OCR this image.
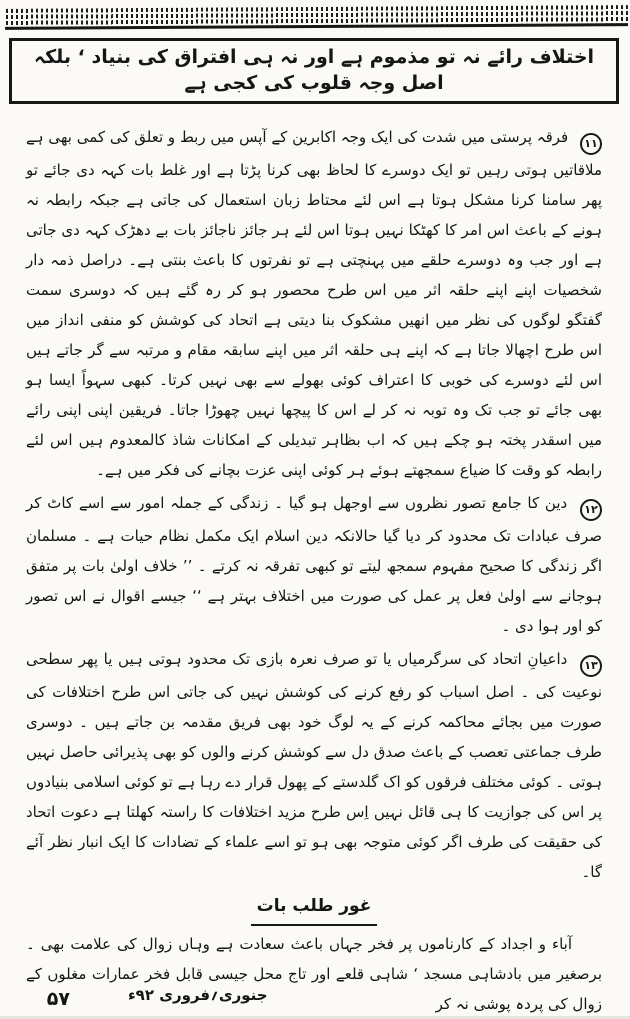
اختلاف رائے نہ تو مذموم ہے اور نہ ہی افتراق کی بنیاد ‘ بلکہ اصل وجہ قلوب کی کجی ہے

۱۱ فرقہ پرستی میں شدت کی ایک وجہ اکابرین کے آپس میں ربط و تعلق کی کمی بھی ہے ملاقاتیں ہوتی رہیں تو ایک دوسرے کا لحاظ بھی کرنا پڑتا ہے اور غلط بات کہہ دی جائے تو پھر سامنا کرنا مشکل ہوتا ہے اس لئے محتاط زبان استعمال کی جاتی ہے جبکہ رابطہ نہ ہونے کے باعث اس امر کا کھٹکا نہیں ہوتا اس لئے ہر جائز ناجائز بات بے دھڑک کہہ دی جاتی ہے اور جب وہ دوسرے حلقے میں پہنچتی ہے تو نفرتوں کا باعث بنتی ہے۔ دراصل ذمہ دار شخصیات اپنے اپنے حلقہ اثر میں اس طرح محصور ہو کر رہ گئے ہیں کہ دوسری سمت گفتگو لوگوں کی نظر میں انھیں مشکوک بنا دیتی ہے اتحاد کی کوشش کو منفی انداز میں اس طرح اچھالا جاتا ہے کہ اپنے ہی حلقہ اثر میں اپنے سابقہ مقام و مرتبہ سے گر جاتے ہیں اس لئے دوسرے کی خوبی کا اعتراف کوئی بھولے سے بھی نہیں کرتا۔ کبھی سہواً ایسا ہو بھی جائے تو جب تک وہ توبہ نہ کر لے اس کا پیچھا نہیں چھوڑا جاتا۔ فریقین اپنی اپنی رائے میں اسقدر پختہ ہو چکے ہیں کہ اب بظاہر تبدیلی کے امکانات شاذ کالمعدوم ہیں اس لئے رابطہ کو وقت کا ضیاع سمجھتے ہوئے ہر کوئی اپنی عزت بچانے کی فکر میں ہے۔

۱۲ دین کا جامع تصور نظروں سے اوجھل ہو گیا ۔ زندگی کے جملہ امور سے اسے کاٹ کر صرف عبادات تک محدود کر دیا گیا حالانکہ دین اسلام ایک مکمل نظام حیات ہے ۔ مسلمان اگر زندگی کا صحیح مفہوم سمجھ لیتے تو کبھی تفرقہ نہ کرتے ۔ ’’ خلاف اولیٰ بات پر متفق ہوجانے سے اولیٰ فعل پر عمل کی صورت میں اختلاف بہتر ہے ‘‘ جیسے اقوال نے اس تصور کو اور ہوا دی ۔

۱۳ داعیانِ اتحاد کی سرگرمیاں یا تو صرف نعرہ بازی تک محدود ہوتی ہیں یا پھر سطحی نوعیت کی ۔ اصل اسباب کو رفع کرنے کی کوشش نہیں کی جاتی اس طرح اختلافات کی صورت میں بجائے محاکمہ کرنے کے یہ لوگ خود بھی فریق مقدمہ بن جاتے ہیں ۔ دوسری طرف جماعتی تعصب کے باعث صدق دل سے کوشش کرنے والوں کو بھی پذیرائی حاصل نہیں ہوتی ۔ کوئی مختلف فرقوں کو اک گلدستے کے پھول قرار دے رہا ہے تو کوئی اسلامی بنیادوں پر اس کی جوازیت کا ہی قائل نہیں اِس طرح مزید اختلافات کا راستہ کھلتا ہے دعوت اتحاد کی حقیقت کی طرف اگر کوئی متوجہ بھی ہو تو اسے علماء کے تضادات کا ایک انبار نظر آئے گا۔

غور طلب بات

آباء و اجداد کے کارناموں پر فخر جہاں باعث سعادت ہے وہاں زوال کی علامت بھی ۔ برصغیر میں بادشاہی مسجد ‘ شاہی قلعے اور تاج محل جیسی قابل فخر عمارات مغلوں کے زوال کی پردہ پوشی نہ کر

جنوری؍فروری ۹۲ء
۵۷
